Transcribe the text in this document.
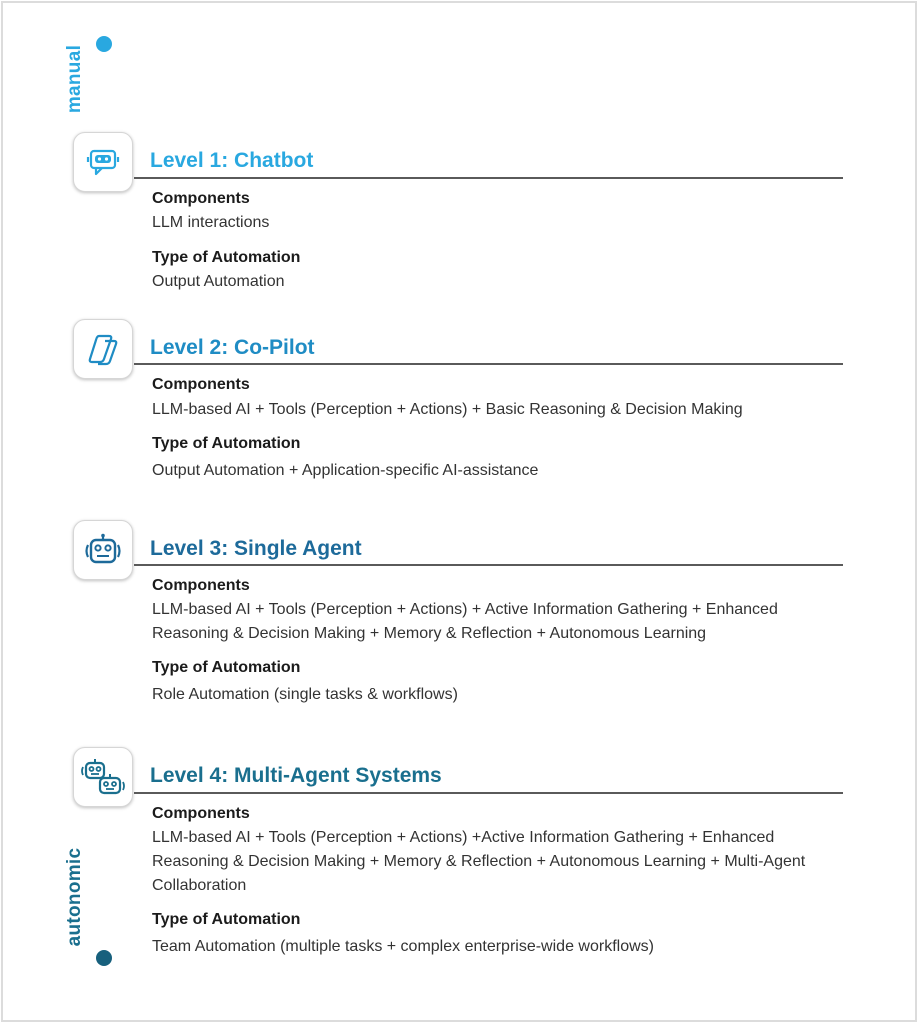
manual
autonomic
Level 1: Chatbot
Components
LLM interactions
Type of Automation
Output Automation
Level 2: Co-Pilot
Components
LLM-based AI + Tools (Perception + Actions) + Basic Reasoning & Decision Making
Type of Automation
Output Automation + Application-specific AI-assistance
Level 3: Single Agent
Components
LLM-based AI + Tools (Perception + Actions) + Active Information Gathering + Enhanced Reasoning & Decision Making + Memory & Reflection + Autonomous Learning
Type of Automation
Role Automation (single tasks & workflows)
Level 4: Multi-Agent Systems
Components
LLM-based AI + Tools (Perception + Actions) +Active Information Gathering + Enhanced Reasoning & Decision Making + Memory & Reflection + Autonomous Learning + Multi-Agent Collaboration
Type of Automation
Team Automation (multiple tasks + complex enterprise-wide workflows)
